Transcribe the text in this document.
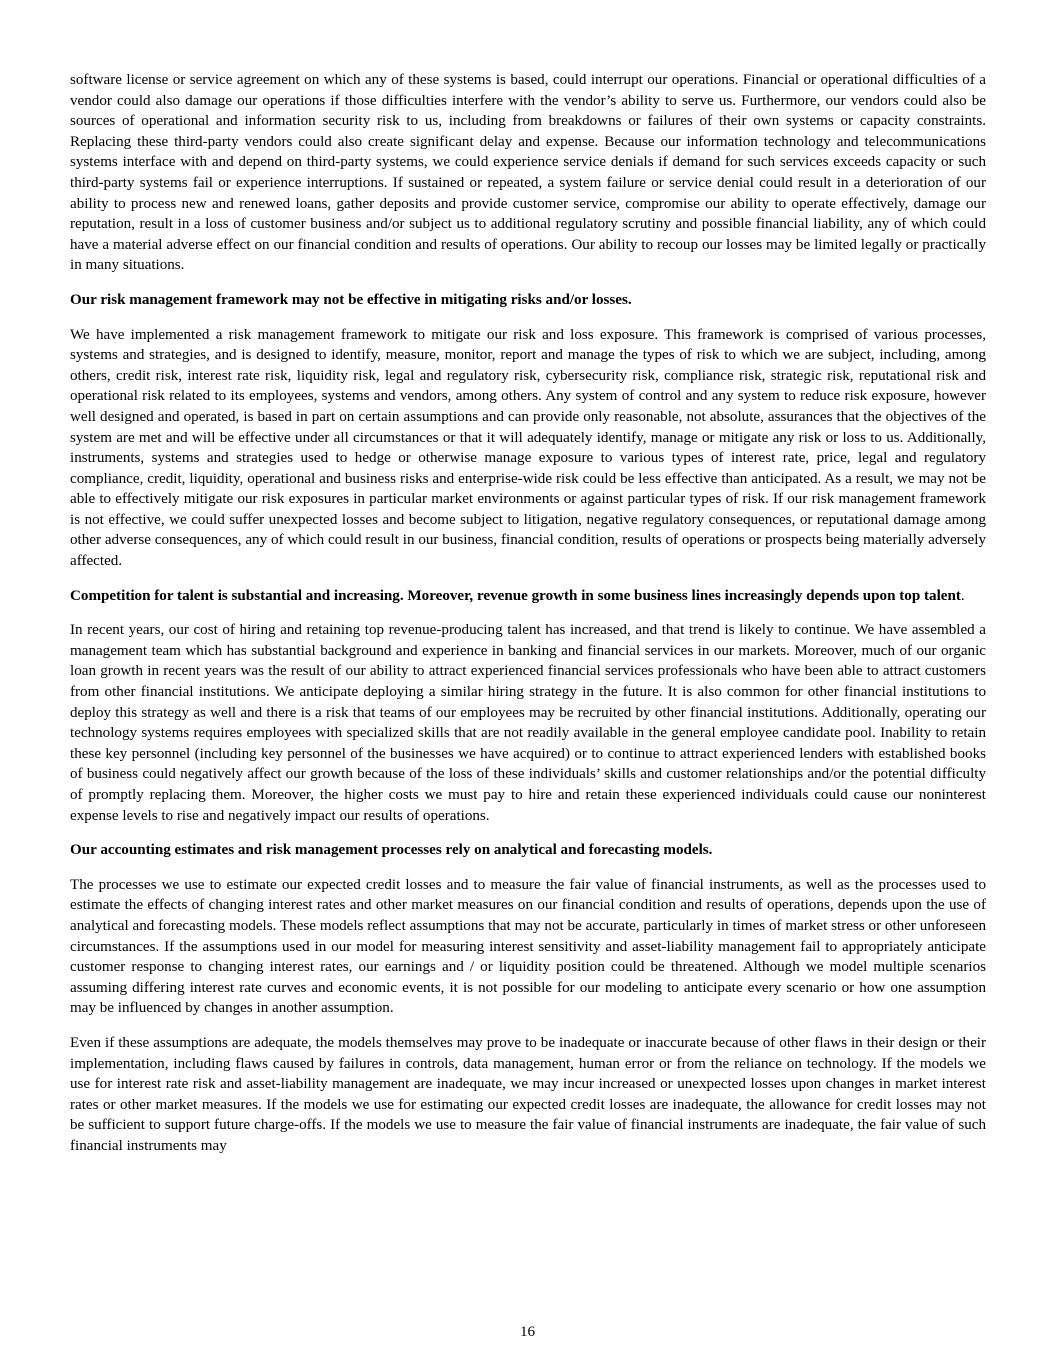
software license or service agreement on which any of these systems is based, could interrupt our operations. Financial or operational difficulties of a vendor could also damage our operations if those difficulties interfere with the vendor’s ability to serve us. Furthermore, our vendors could also be sources of operational and information security risk to us, including from breakdowns or failures of their own systems or capacity constraints. Replacing these third-party vendors could also create significant delay and expense. Because our information technology and telecommunications systems interface with and depend on third-party systems, we could experience service denials if demand for such services exceeds capacity or such third-party systems fail or experience interruptions. If sustained or repeated, a system failure or service denial could result in a deterioration of our ability to process new and renewed loans, gather deposits and provide customer service, compromise our ability to operate effectively, damage our reputation, result in a loss of customer business and/or subject us to additional regulatory scrutiny and possible financial liability, any of which could have a material adverse effect on our financial condition and results of operations. Our ability to recoup our losses may be limited legally or practically in many situations.

Our risk management framework may not be effective in mitigating risks and/or losses.

We have implemented a risk management framework to mitigate our risk and loss exposure. This framework is comprised of various processes, systems and strategies, and is designed to identify, measure, monitor, report and manage the types of risk to which we are subject, including, among others, credit risk, interest rate risk, liquidity risk, legal and regulatory risk, cybersecurity risk, compliance risk, strategic risk, reputational risk and operational risk related to its employees, systems and vendors, among others. Any system of control and any system to reduce risk exposure, however well designed and operated, is based in part on certain assumptions and can provide only reasonable, not absolute, assurances that the objectives of the system are met and will be effective under all circumstances or that it will adequately identify, manage or mitigate any risk or loss to us. Additionally, instruments, systems and strategies used to hedge or otherwise manage exposure to various types of interest rate, price, legal and regulatory compliance, credit, liquidity, operational and business risks and enterprise-wide risk could be less effective than anticipated. As a result, we may not be able to effectively mitigate our risk exposures in particular market environments or against particular types of risk. If our risk management framework is not effective, we could suffer unexpected losses and become subject to litigation, negative regulatory consequences, or reputational damage among other adverse consequences, any of which could result in our business, financial condition, results of operations or prospects being materially adversely affected.

Competition for talent is substantial and increasing. Moreover, revenue growth in some business lines increasingly depends upon top talent.

In recent years, our cost of hiring and retaining top revenue-producing talent has increased, and that trend is likely to continue. We have assembled a management team which has substantial background and experience in banking and financial services in our markets. Moreover, much of our organic loan growth in recent years was the result of our ability to attract experienced financial services professionals who have been able to attract customers from other financial institutions. We anticipate deploying a similar hiring strategy in the future. It is also common for other financial institutions to deploy this strategy as well and there is a risk that teams of our employees may be recruited by other financial institutions. Additionally, operating our technology systems requires employees with specialized skills that are not readily available in the general employee candidate pool. Inability to retain these key personnel (including key personnel of the businesses we have acquired) or to continue to attract experienced lenders with established books of business could negatively affect our growth because of the loss of these individuals’ skills and customer relationships and/or the potential difficulty of promptly replacing them. Moreover, the higher costs we must pay to hire and retain these experienced individuals could cause our noninterest expense levels to rise and negatively impact our results of operations.

Our accounting estimates and risk management processes rely on analytical and forecasting models.

The processes we use to estimate our expected credit losses and to measure the fair value of financial instruments, as well as the processes used to estimate the effects of changing interest rates and other market measures on our financial condition and results of operations, depends upon the use of analytical and forecasting models. These models reflect assumptions that may not be accurate, particularly in times of market stress or other unforeseen circumstances. If the assumptions used in our model for measuring interest sensitivity and asset-liability management fail to appropriately anticipate customer response to changing interest rates, our earnings and / or liquidity position could be threatened. Although we model multiple scenarios assuming differing interest rate curves and economic events, it is not possible for our modeling to anticipate every scenario or how one assumption may be influenced by changes in another assumption.

Even if these assumptions are adequate, the models themselves may prove to be inadequate or inaccurate because of other flaws in their design or their implementation, including flaws caused by failures in controls, data management, human error or from the reliance on technology. If the models we use for interest rate risk and asset-liability management are inadequate, we may incur increased or unexpected losses upon changes in market interest rates or other market measures. If the models we use for estimating our expected credit losses are inadequate, the allowance for credit losses may not be sufficient to support future charge-offs. If the models we use to measure the fair value of financial instruments are inadequate, the fair value of such financial instruments may

16
